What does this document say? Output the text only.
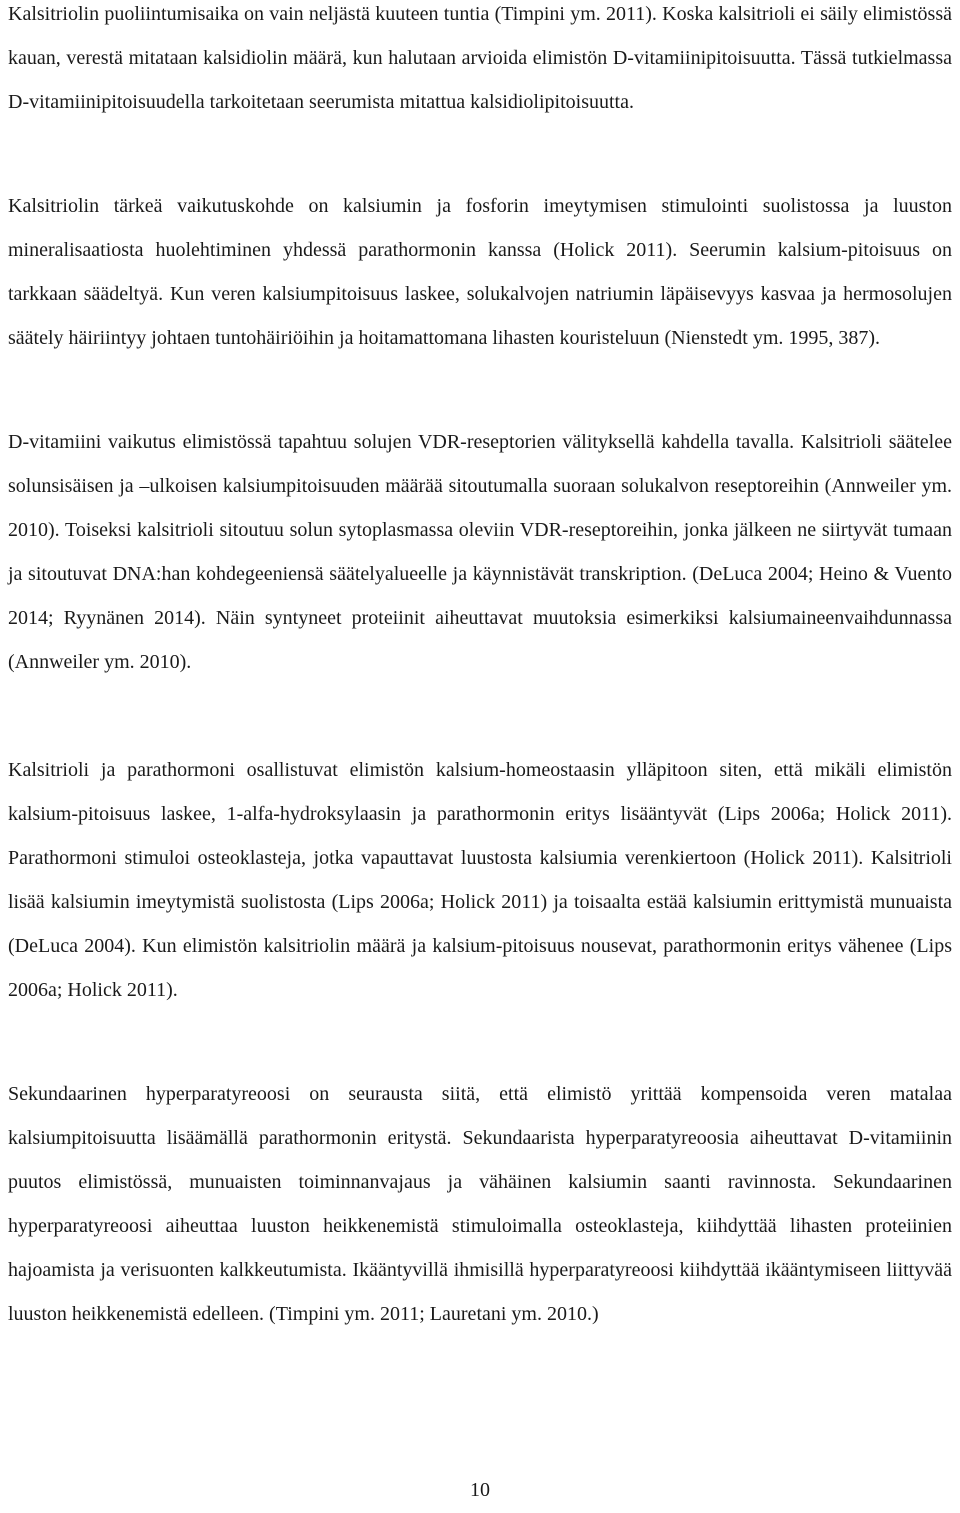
Kalsitriolin puoliintumisaika on vain neljästä kuuteen tuntia (Timpini ym. 2011). Koska kalsitrioli ei säily elimistössä kauan, verestä mitataan kalsidiolin määrä, kun halutaan arvioida elimistön D-vitamiinipitoisuutta. Tässä tutkielmassa D-vitamiinipitoisuudella tarkoitetaan seerumista mitattua kalsidiolipitoisuutta.

Kalsitriolin tärkeä vaikutuskohde on kalsiumin ja fosforin imeytymisen stimulointi suolistossa ja luuston mineralisaatiosta huolehtiminen yhdessä parathormonin kanssa (Holick 2011). Seerumin kalsium-pitoisuus on tarkkaan säädeltyä. Kun veren kalsiumpitoisuus laskee, solukalvojen natriumin läpäisevyys kasvaa ja hermosolujen säätely häiriintyy johtaen tuntohäiriöihin ja hoitamattomana lihasten kouristeluun (Nienstedt ym. 1995, 387).

D-vitamiini vaikutus elimistössä tapahtuu solujen VDR-reseptorien välityksellä kahdella tavalla. Kalsitrioli säätelee solunsisäisen ja –ulkoisen kalsiumpitoisuuden määrää sitoutumalla suoraan solukalvon reseptoreihin (Annweiler ym. 2010). Toiseksi kalsitrioli sitoutuu solun sytoplasmassa oleviin VDR-reseptoreihin, jonka jälkeen ne siirtyvät tumaan ja sitoutuvat DNA:han kohdegeeniensä säätelyalueelle ja käynnistävät transkription. (DeLuca 2004; Heino & Vuento 2014; Ryynänen 2014). Näin syntyneet proteiinit aiheuttavat muutoksia esimerkiksi kalsiumaineenvaihdunnassa (Annweiler ym. 2010).

Kalsitrioli ja parathormoni osallistuvat elimistön kalsium-homeostaasin ylläpitoon siten, että mikäli elimistön kalsium-pitoisuus laskee, 1-alfa-hydroksylaasin ja parathormonin eritys lisääntyvät (Lips 2006a; Holick 2011). Parathormoni stimuloi osteoklasteja, jotka vapauttavat luustosta kalsiumia verenkiertoon (Holick 2011). Kalsitrioli lisää kalsiumin imeytymistä suolistosta (Lips 2006a; Holick 2011) ja toisaalta estää kalsiumin erittymistä munuaista (DeLuca 2004). Kun elimistön kalsitriolin määrä ja kalsium-pitoisuus nousevat, parathormonin eritys vähenee (Lips 2006a; Holick 2011).

Sekundaarinen hyperparatyreoosi on seurausta siitä, että elimistö yrittää kompensoida veren matalaa kalsiumpitoisuutta lisäämällä parathormonin eritystä. Sekundaarista hyperparatyreoosia aiheuttavat D-vitamiinin puutos elimistössä, munuaisten toiminnanvajaus ja vähäinen kalsiumin saanti ravinnosta. Sekundaarinen hyperparatyreoosi aiheuttaa luuston heikkenemistä stimuloimalla osteoklasteja, kiihdyttää lihasten proteiinien hajoamista ja verisuonten kalkkeutumista. Ikääntyvillä ihmisillä hyperparatyreoosi kiihdyttää ikääntymiseen liittyvää luuston heikkenemistä edelleen. (Timpini ym. 2011; Lauretani ym. 2010.)

10
